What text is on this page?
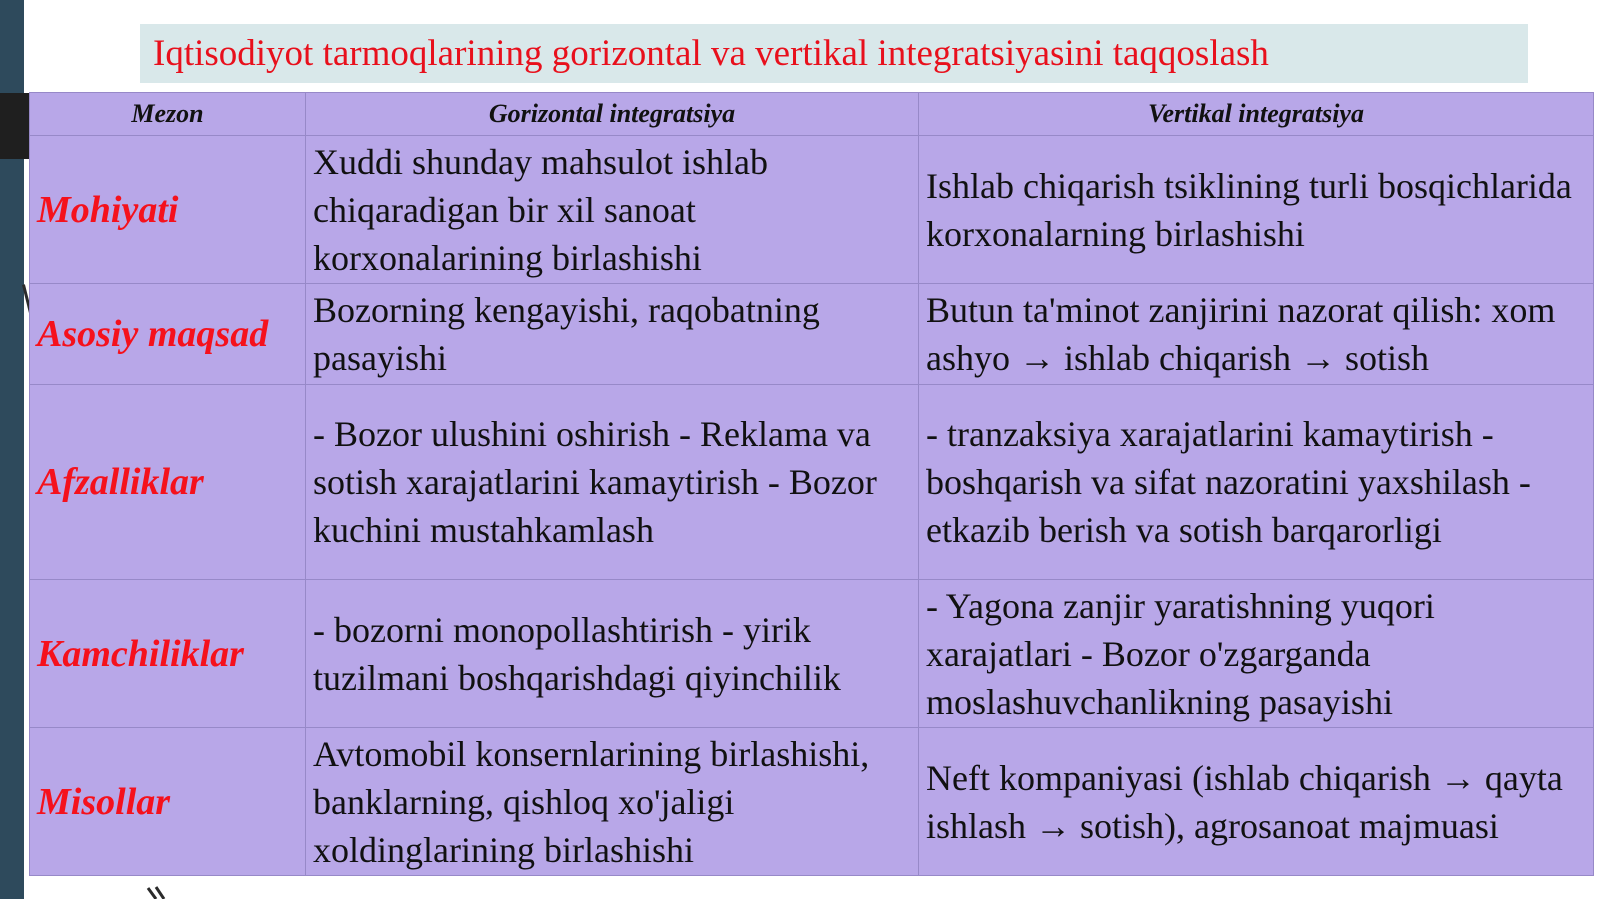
Iqtisodiyot tarmoqlarining gorizontal va vertikal integratsiyasini taqqoslash
Mezon	Gorizontal integratsiya	Vertikal integratsiya
Mohiyati	Xuddi shunday mahsulot ishlab chiqaradigan bir xil sanoat korxonalarining birlashishi	Ishlab chiqarish tsiklining turli bosqichlarida korxonalarning birlashishi
Asosiy maqsad	Bozorning kengayishi, raqobatning pasayishi	Butun ta'minot zanjirini nazorat qilish: xom ashyo → ishlab chiqarish → sotish
Afzalliklar	- Bozor ulushini oshirish - Reklama va sotish xarajatlarini kamaytirish - Bozor kuchini mustahkamlash	- tranzaksiya xarajatlarini kamaytirish - boshqarish va sifat nazoratini yaxshilash - etkazib berish va sotish barqarorligi
Kamchiliklar	- bozorni monopollashtirish - yirik tuzilmani boshqarishdagi qiyinchilik	- Yagona zanjir yaratishning yuqori xarajatlari - Bozor o'zgarganda moslashuvchanlikning pasayishi
Misollar	Avtomobil konsernlarining birlashishi, banklarning, qishloq xo'jaligi xoldinglarining birlashishi	Neft kompaniyasi (ishlab chiqarish → qayta ishlash → sotish), agrosanoat majmuasi
